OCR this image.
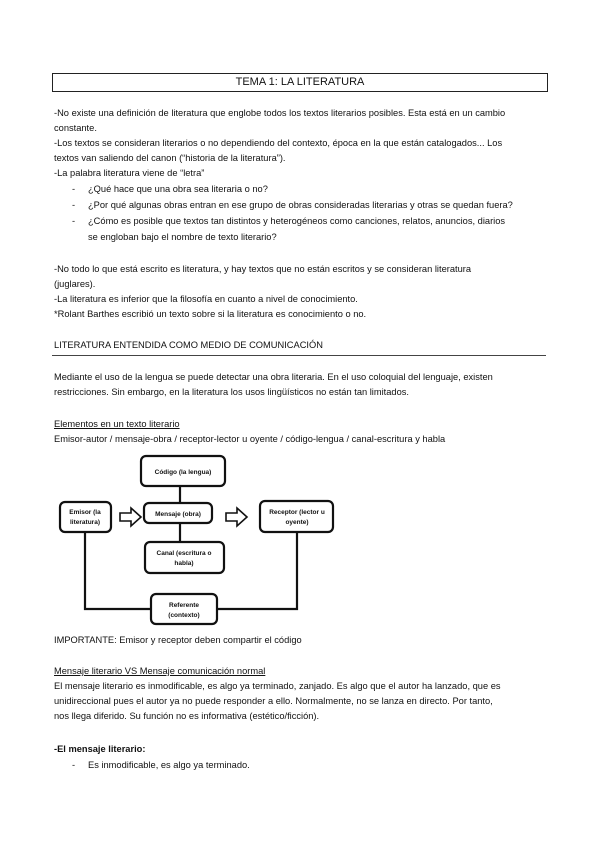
TEMA 1: LA LITERATURA
-No existe una definición de literatura que englobe todos los textos literarios posibles. Esta está en un cambio
constante.
-Los textos se consideran literarios o no dependiendo del contexto, época en la que están catalogados... Los
textos van saliendo del canon (“historia de la literatura”).
-La palabra literatura viene de “letra”
- ¿Qué hace que una obra sea literaria o no?
- ¿Por qué algunas obras entran en ese grupo de obras consideradas literarias y otras se quedan fuera?
- ¿Cómo es posible que textos tan distintos y heterogéneos como canciones, relatos, anuncios, diarios
se engloban bajo el nombre de texto literario?
-No todo lo que está escrito es literatura, y hay textos que no están escritos y se consideran literatura
(juglares).
-La literatura es inferior que la filosofía en cuanto a nivel de conocimiento.
*Rolant Barthes escribió un texto sobre si la literatura es conocimiento o no.
LITERATURA ENTENDIDA COMO MEDIO DE COMUNICACIÓN
Mediante el uso de la lengua se puede detectar una obra literaria. En el uso coloquial del lenguaje, existen
restricciones. Sin embargo, en la literatura los usos lingüísticos no están tan limitados.
Elementos en un texto literario
Emisor-autor / mensaje-obra / receptor-lector u oyente / código-lengua / canal-escritura y habla
Código (la lengua)
Emisor (la
literatura)
Mensaje (obra)	Receptor (lector u
oyente)
Canal (escritura o
habla)
Referente
(contexto)
IMPORTANTE: Emisor y receptor deben compartir el código
Mensaje literario VS Mensaje comunicación normal
El mensaje literario es inmodificable, es algo ya terminado, zanjado. Es algo que el autor ha lanzado, que es
unidireccional pues el autor ya no puede responder a ello. Normalmente, no se lanza en directo. Por tanto,
nos llega diferido. Su función no es informativa (estético/ficción).
-El mensaje literario:
- Es inmodificable, es algo ya terminado.
